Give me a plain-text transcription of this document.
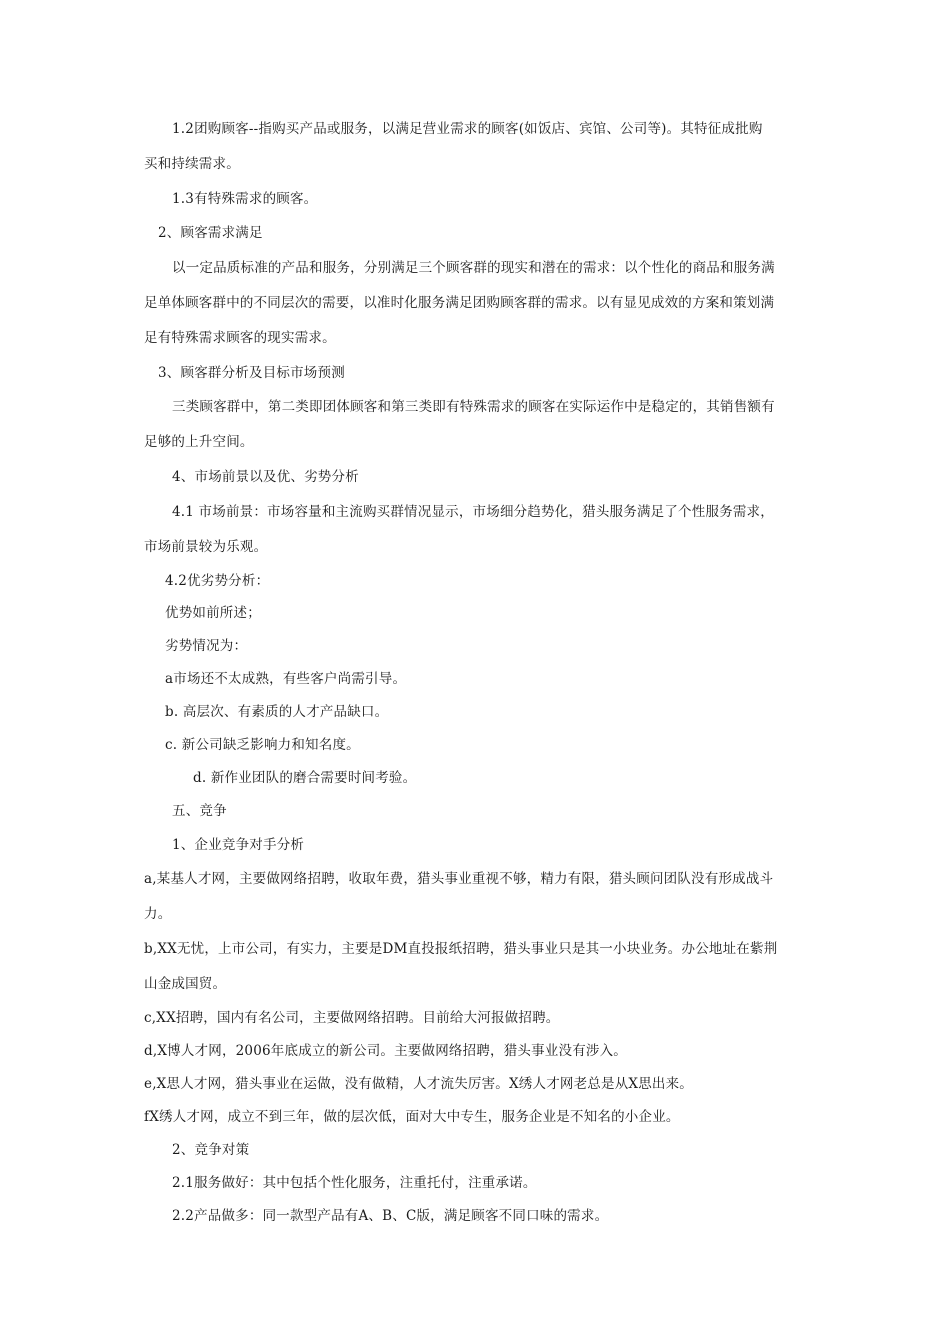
1.2团购顾客--指购买产品或服务，以满足营业需求的顾客(如饭店、宾馆、公司等)。其特征成批购
买和持续需求。
1.3有特殊需求的顾客。
2、顾客需求满足
以一定品质标准的产品和服务，分别满足三个顾客群的现实和潜在的需求：以个性化的商品和服务满
足单体顾客群中的不同层次的需要，以准时化服务满足团购顾客群的需求。以有显见成效的方案和策划满
足有特殊需求顾客的现实需求。
3、顾客群分析及目标市场预测
三类顾客群中，第二类即团体顾客和第三类即有特殊需求的顾客在实际运作中是稳定的，其销售额有
足够的上升空间。
4、市场前景以及优、劣势分析
4.1 市场前景：市场容量和主流购买群情况显示，市场细分趋势化，猎头服务满足了个性服务需求，
市场前景较为乐观。
4.2优劣势分析：
优势如前所述；
劣势情况为：
a市场还不太成熟，有些客户尚需引导。
b. 高层次、有素质的人才产品缺口。
c. 新公司缺乏影响力和知名度。
d. 新作业团队的磨合需要时间考验。
五、竞争
1、企业竞争对手分析
a,某基人才网，主要做网络招聘，收取年费，猎头事业重视不够，精力有限，猎头顾问团队没有形成战斗
力。
b,XX无忧，上市公司，有实力，主要是DM直投报纸招聘，猎头事业只是其一小块业务。办公地址在紫荆
山金成国贸。
c,XX招聘，国内有名公司，主要做网络招聘。目前给大河报做招聘。
d,X博人才网，2006年底成立的新公司。主要做网络招聘，猎头事业没有涉入。
e,X思人才网，猎头事业在运做，没有做精，人才流失厉害。X绣人才网老总是从X思出来。
fX绣人才网，成立不到三年，做的层次低，面对大中专生，服务企业是不知名的小企业。
2、竞争对策
2.1服务做好：其中包括个性化服务，注重托付，注重承诺。
2.2产品做多：同一款型产品有A、B、C版，满足顾客不同口味的需求。
